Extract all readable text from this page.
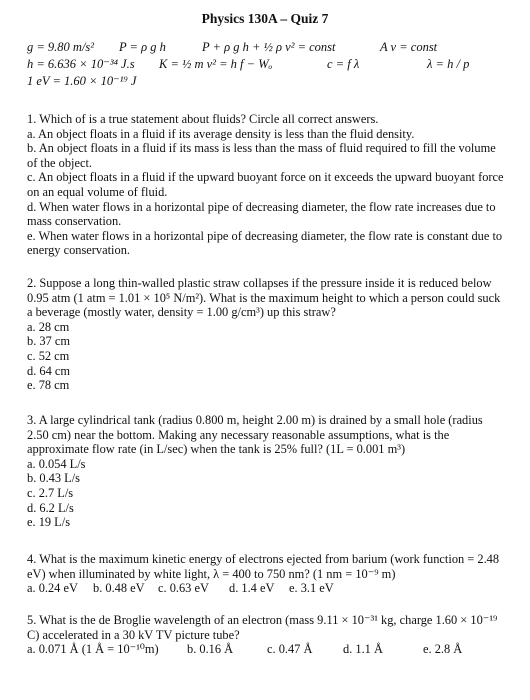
Physics 130A – Quiz 7
g = 9.80 m/s² P = ρ g h	P + ρ g h + ½ ρ v² = const	A v = const
h = 6.636 × 10⁻³⁴ J.s K = ½ m v² = h f − Wₒ	c = f λ	λ = h / p
1 eV = 1.60 × 10⁻¹⁹ J

1. Which of is a true statement about fluids? Circle all correct answers.

a. An object floats in a fluid if its average density is less than the fluid density.
b. An object floats in a fluid if its mass is less than the mass of fluid required to fill the volume of the object.
c. An object floats in a fluid if the upward buoyant force on it exceeds the upward buoyant force on an equal volume of fluid.
d. When water flows in a horizontal pipe of decreasing diameter, the flow rate increases due to mass conservation.
e. When water flows in a horizontal pipe of decreasing diameter, the flow rate is constant due to energy conservation.

2. Suppose a long thin-walled plastic straw collapses if the pressure inside it is reduced below 0.95 atm (1 atm = 1.01 × 10⁵ N/m²). What is the maximum height to which a person could suck a beverage (mostly water, density = 1.00 g/cm³) up this straw?

a. 28 cm
b. 37 cm
c. 52 cm
d. 64 cm
e. 78 cm

3. A large cylindrical tank (radius 0.800 m, height 2.00 m) is drained by a small hole (radius 2.50 cm) near the bottom. Making any necessary reasonable assumptions, what is the approximate flow rate (in L/sec) when the tank is 25% full? (1L = 0.001 m³)

a. 0.054 L/s
b. 0.43 L/s
c. 2.7 L/s
d. 6.2 L/s
e. 19 L/s

4. What is the maximum kinetic energy of electrons ejected from barium (work function = 2.48 eV) when illuminated by white light, λ = 400 to 750 nm? (1 nm = 10⁻⁹ m)

a. 0.24 eV b. 0.48 eV c. 0.63 eV d. 1.4 eV e. 3.1 eV

5. What is the de Broglie wavelength of an electron (mass 9.11 × 10⁻³¹ kg, charge 1.60 × 10⁻¹⁹ C) accelerated in a 30 kV TV picture tube?

a. 0.071 Å (1 Å = 10⁻¹⁰m) b. 0.16 Å	c. 0.47 Å d. 1.1 Å	e. 2.8 Å
